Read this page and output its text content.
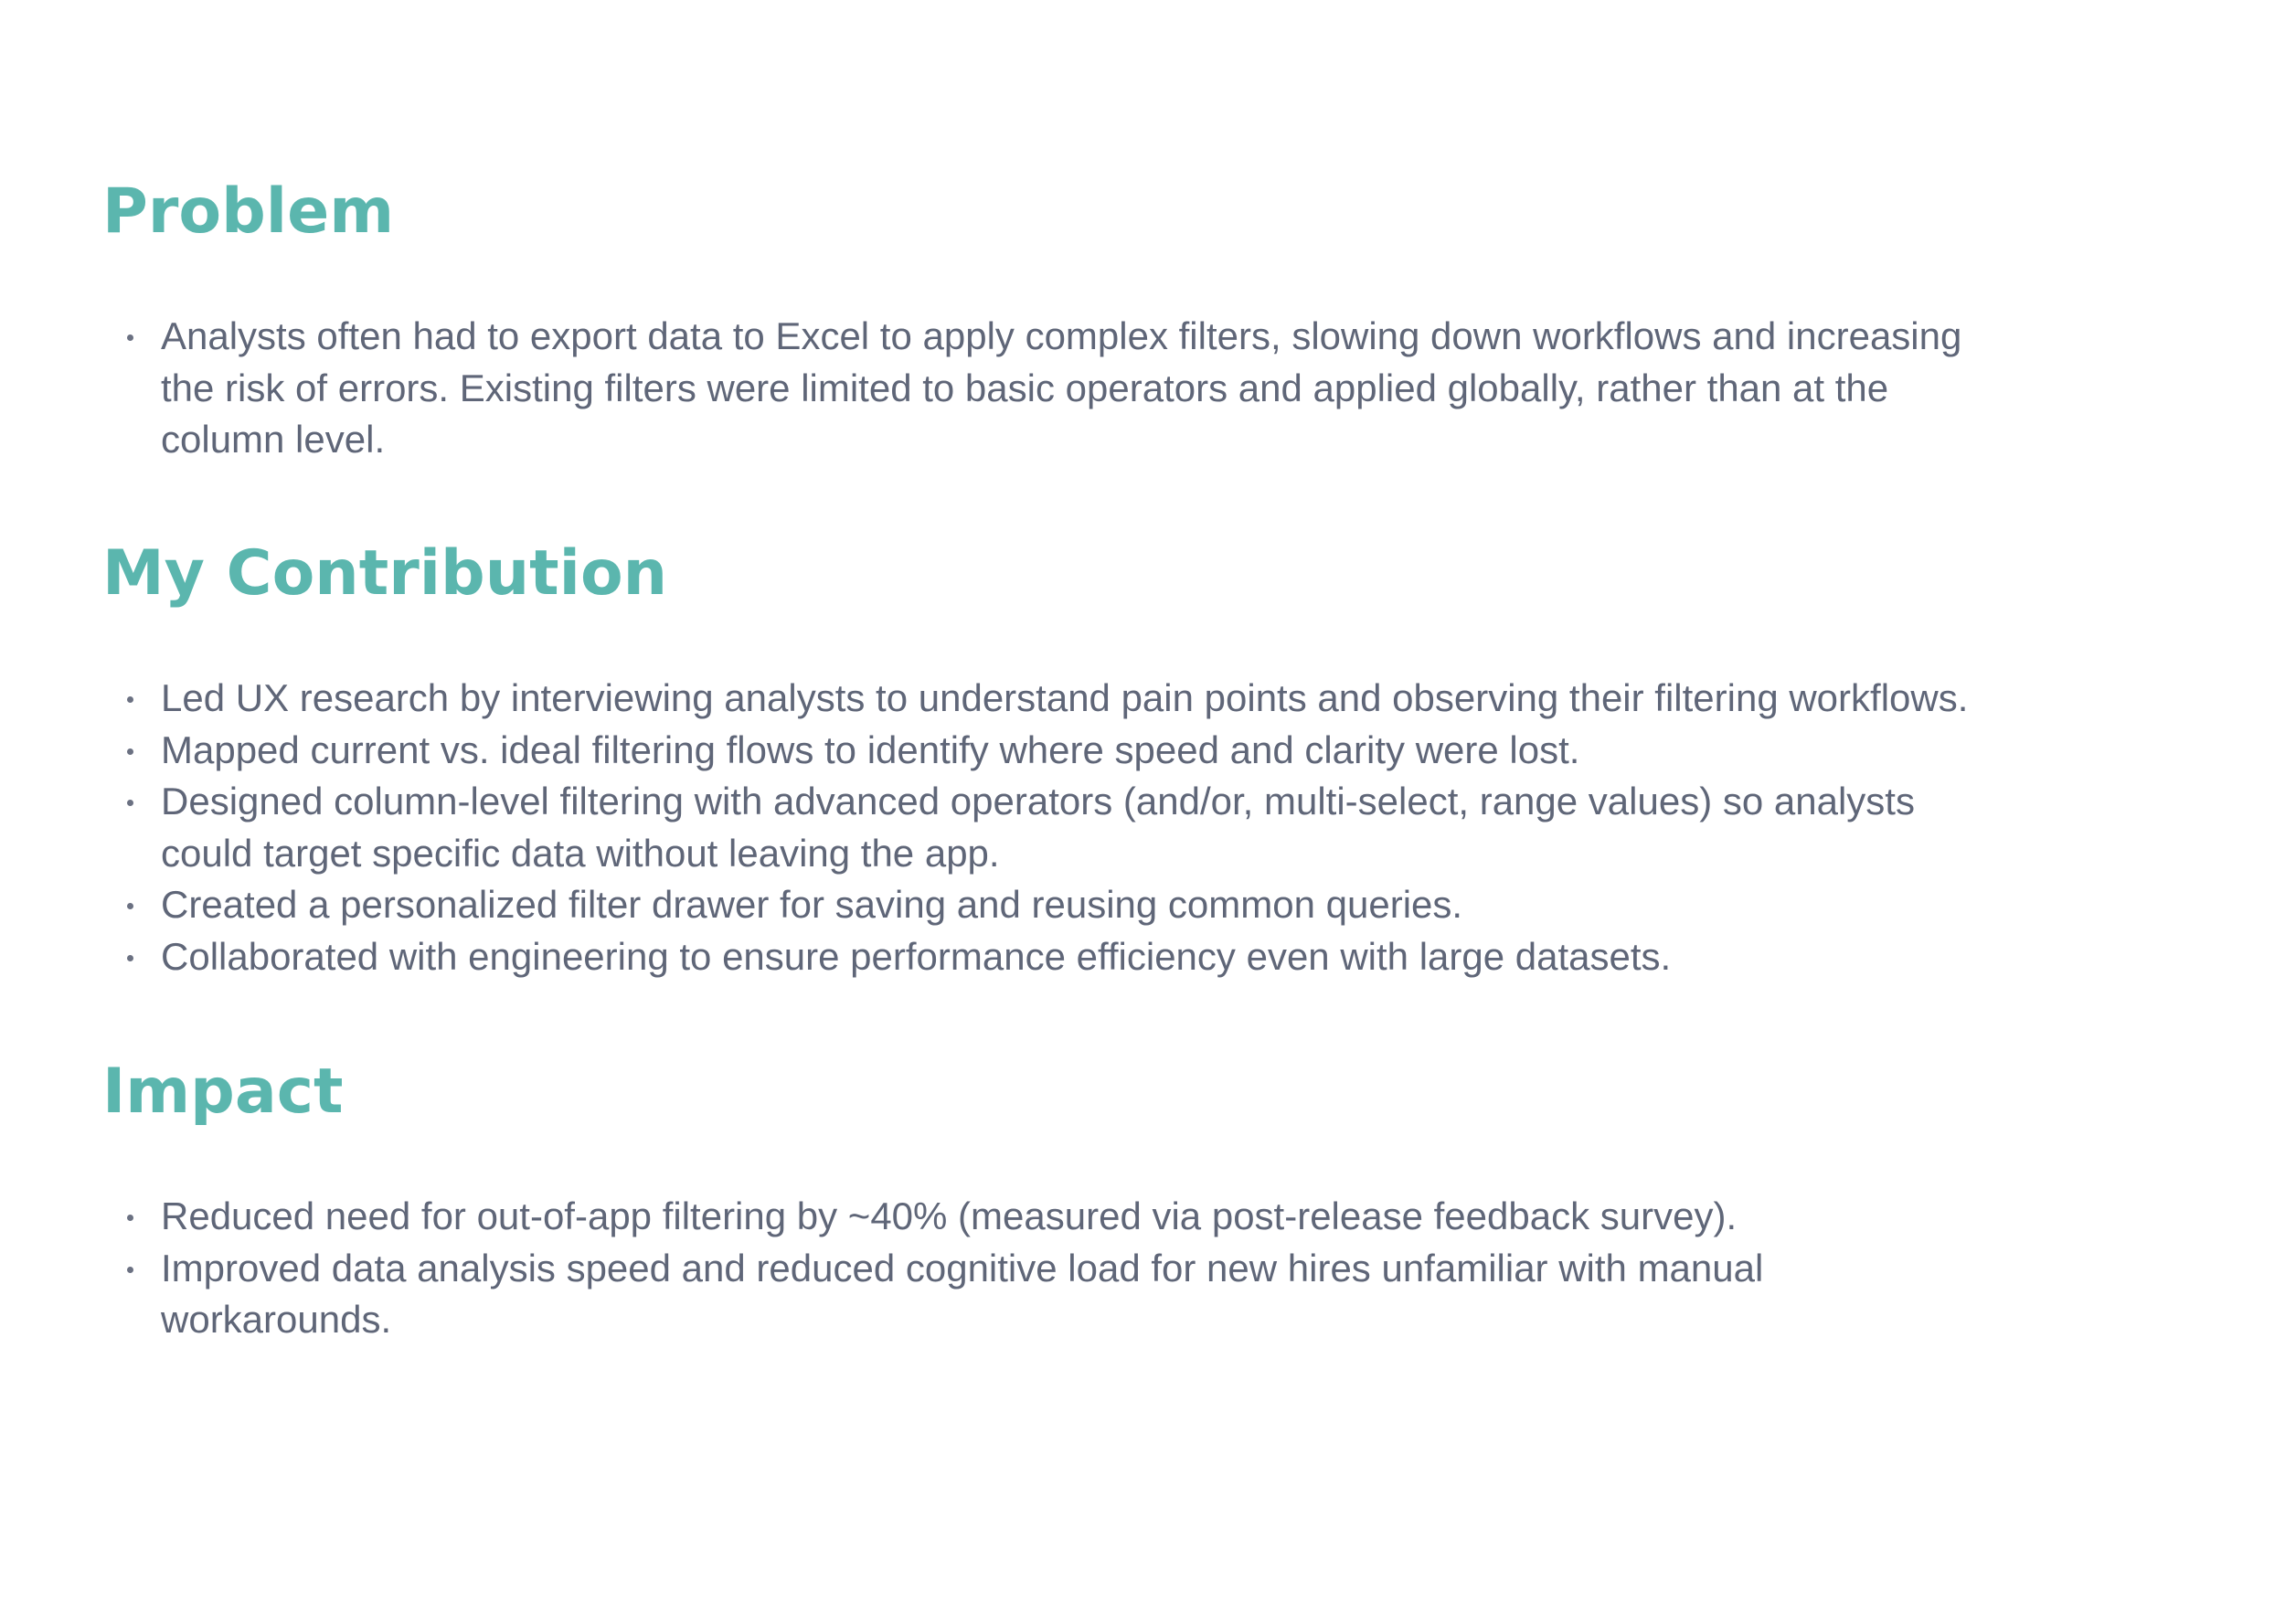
Problem
Analysts often had to export data to Excel to apply complex filters, slowing down workflows and increasing
the risk of errors. Existing filters were limited to basic operators and applied globally, rather than at the
column level.
My Contribution
Led UX research by interviewing analysts to understand pain points and observing their filtering workflows.
Mapped current vs. ideal filtering flows to identify where speed and clarity were lost.
Designed column-level filtering with advanced operators (and/or, multi-select, range values) so analysts
could target specific data without leaving the app.
Created a personalized filter drawer for saving and reusing common queries.
Collaborated with engineering to ensure performance efficiency even with large datasets.
Impact
Reduced need for out-of-app filtering by ~40% (measured via post-release feedback survey).
Improved data analysis speed and reduced cognitive load for new hires unfamiliar with manual
workarounds.
